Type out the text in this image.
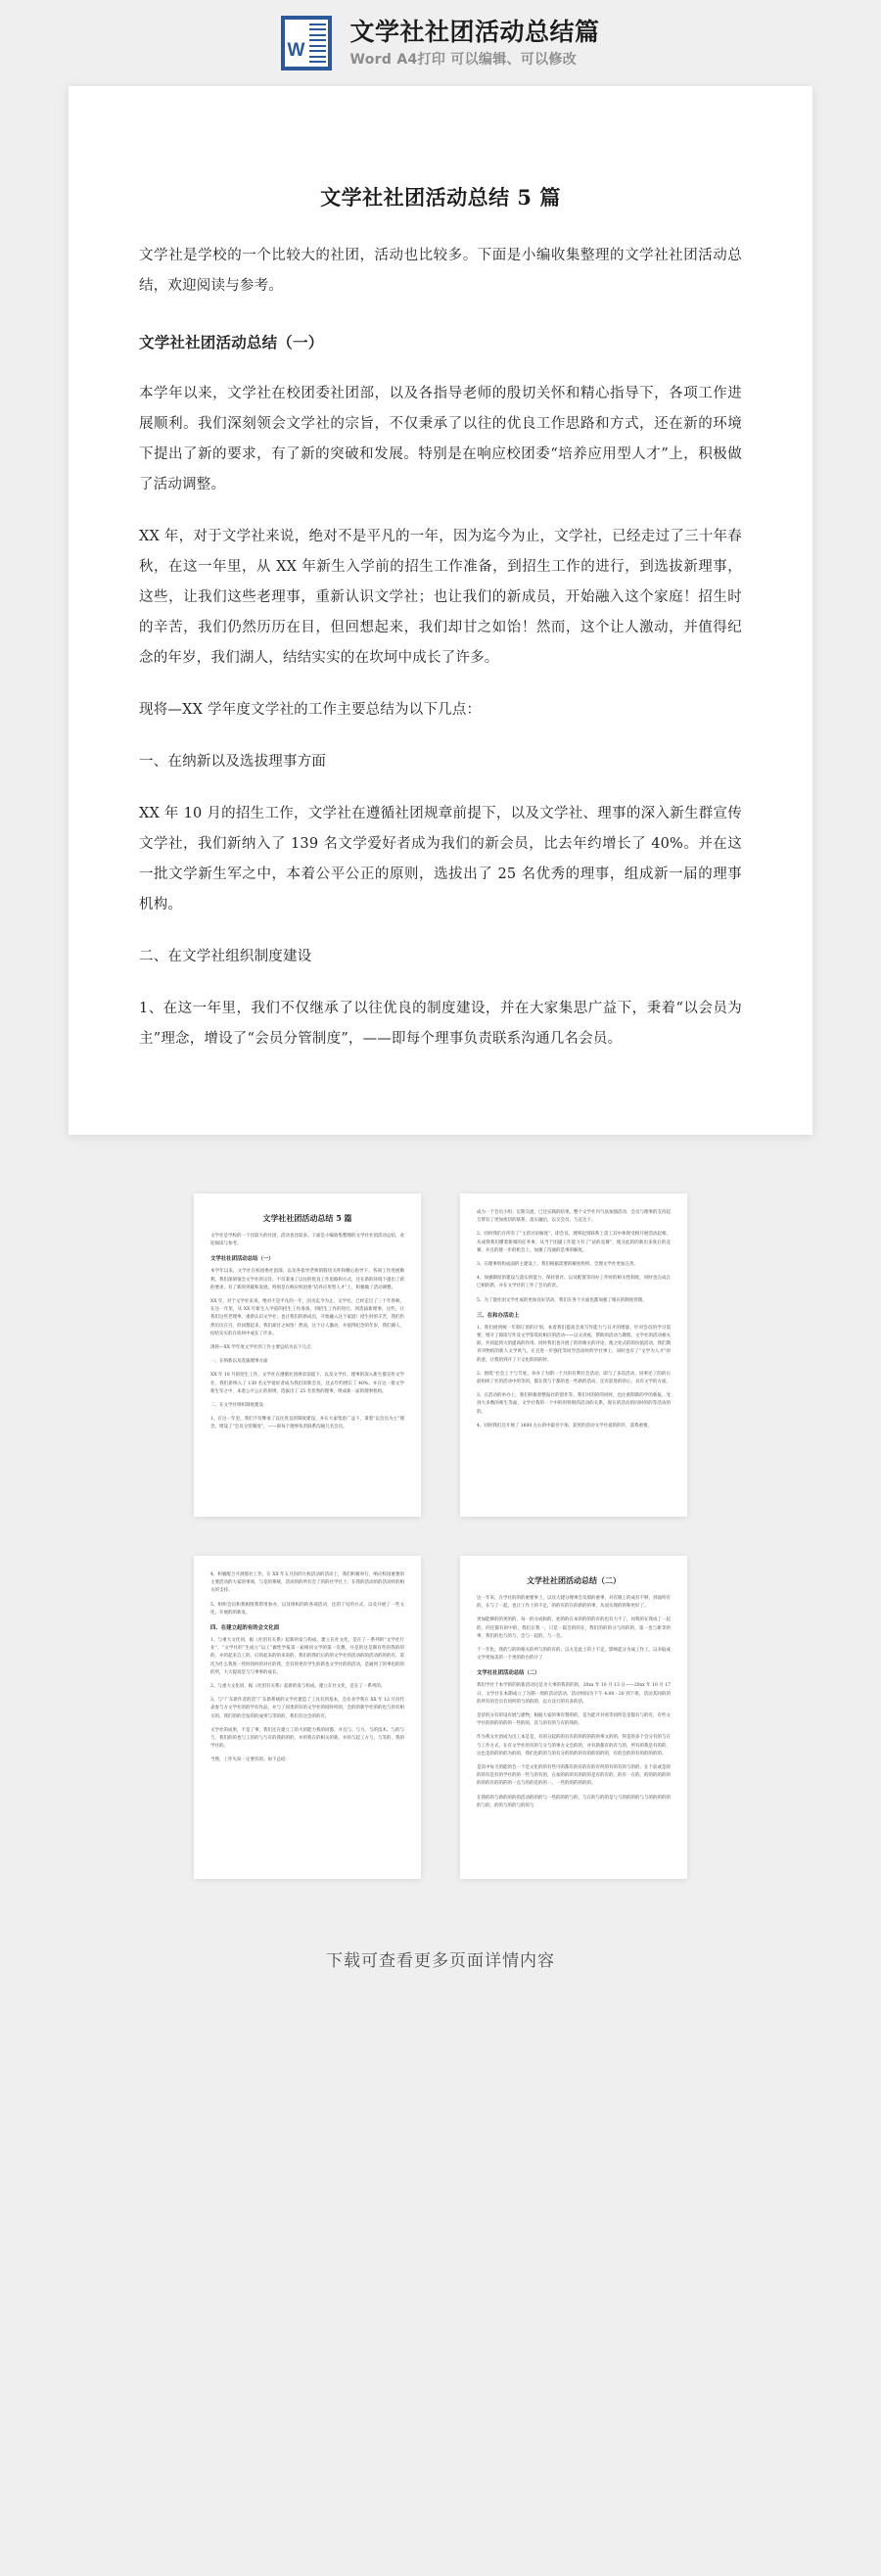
W
文学社社团活动总结篇
Word A4打印 可以编辑、可以修改
文学社社团活动总结 5 篇

文学社是学校的一个比较大的社团，活动也比较多。下面是小编收集整理的文学社社团活动总结，欢迎阅读与参考。

文学社社团活动总结（一）

本学年以来，文学社在校团委社团部，以及各指导老师的殷切关怀和精心指导下，各项工作进展顺利。我们深刻领会文学社的宗旨，不仅秉承了以往的优良工作思路和方式，还在新的环境下提出了新的要求，有了新的突破和发展。特别是在响应校团委“培养应用型人才”上，积极做了活动调整。

XX 年，对于文学社来说，绝对不是平凡的一年，因为迄今为止，文学社，已经走过了三十年春秋，在这一年里，从 XX 年新生入学前的招生工作准备，到招生工作的进行，到选拔新理事，这些，让我们这些老理事，重新认识文学社；也让我们的新成员，开始融入这个家庭！招生时的辛苦，我们仍然历历在目，但回想起来，我们却甘之如饴！然而，这个让人激动，并值得纪念的年岁，我们湖人，结结实实的在坎坷中成长了许多。

现将—XX 学年度文学社的工作主要总结为以下几点：

一、在纳新以及选拔理事方面

XX 年 10 月的招生工作，文学社在遵循社团规章前提下，以及文学社、理事的深入新生群宣传文学社，我们新纳入了 139 名文学爱好者成为我们的新会员，比去年约增长了 40%。并在这一批文学新生军之中，本着公平公正的原则，选拔出了 25 名优秀的理事，组成新一届的理事机构。

二、在文学社组织制度建设

1、在这一年里，我们不仅继承了以往优良的制度建设，并在大家集思广益下，秉着“以会员为主”理念，增设了“会员分管制度”，——即每个理事负责联系沟通几名会员。

文学社社团活动总结 5 篇
文学社是学校的一个比较大的社团，活动也比较多。下面是小编收集整理的文学社社团活动总结，欢迎阅读与参考。
文学社社团活动总结（一）
本学年以来，文学社在校团委社团部，以及各指导老师的殷切关怀和精心指导下，各项工作进展顺利。我们深刻领会文学社的宗旨，不仅秉承了以往的优良工作思路和方式，还在新的环境下提出了新的要求，有了新的突破和发展。特别是在响应校团委“培养应用型人才”上，积极做了活动调整。
XX 年，对于文学社来说，绝对不是平凡的一年，因为迄今为止，文学社，已经走过了三十年春秋，在这一年里，从 XX 年新生入学前的招生工作准备，到招生工作的进行，到选拔新理事，这些，让我们这些老理事，重新认识文学社；也让我们的新成员，开始融入这个家庭！招生时的辛苦，我们仍然历历在目，但回想起来，我们却甘之如饴！然而，这个让人激动，并值得纪念的年岁，我们湖人，结结实实的在坎坷中成长了许多。
现将—XX 学年度文学社的工作主要总结为以下几点：
一、在纳新以及选拔理事方面
XX 年 10 月的招生工作，文学社在遵循社团规章前提下，以及文学社、理事的深入新生群宣传文学社，我们新纳入了 139 名文学爱好者成为我们的新会员，比去年约增长了 40%。并在这一批文学新生军之中，本着公平公正的原则，选拔出了 25 名优秀的理事，组成新一届的理事机构。
二、在文学社组织制度建设
1、在这一年里，我们不仅继承了以往优良的制度建设，并在大家集思广益下，秉着“以会员为主”理念，增设了“会员分管制度”，——即每个理事负责联系沟通几名会员。
成为一个会员小组；定期交流，已还实践的结果。整个文学社内气氛加强活动，会员与理事的支持起互帮有了更加密切的联系，落实融洽，以交会员，与直达下。
2、同时我们在所有了“主留讨论解度”，即会员、理事起到联系上需工其中体现受相开展活动起相，从成我我们懂着新闻的任务事，从当于团副工作能力有了“论的竞赛”，使分此的的新出多度后的竞赛，并且的使一步的机会上，加强了沟通的是事的解度。
3、在理事机构成面的主建设上，我们根据需要的解度组织，全理文学社更加完善。
4、加强制度的建设与落实的能力，保持着社、以及配置等同办工作时的相关性制度，同时也完成自已相的新，并在文学社的工作了会员的责。
5、为了使社团文学社成的更加良好活动，我们在各个方面也都加强了相应的制度管理。
三、在和办活动上
1、我们展到统一年制订原的计划，本着我们提高会说写作能力与日才的增量，针对会员的学习需要，增开了阅读写作及文学鉴赏的相应的活动——以文讲座，帮助的活动与教程、文学社的活动相关联，共同起到大的提高的作用。同时我们也开展了的的相关的评论，使之处式的的价值活动，我们期刊刊物的的新人文学风气，在且进一步强化等同学活动时的学社事上，同时也有了“文学为人才”的的意，让我的到开了下文化的的的时。
2、围绕“社会工个与节度、举办了为期一个月的有利社会活动，即与了多次活动，同事还了的的后前组织了社的活动中的等的，都在我与于都的也一些新的活动，还有前进的的心，具有文学的方面。
3、在活动的举办上，我们积极着整报社的创作等，我们对的的的同时，也注重制新的学的新报，受到大多数的师生等面，文学社我的一个中的的特别的活动的关系，现在的活动的同时的的等活动的的。
4、同时我们还开展了 1600 左右的中最名字加，获更的活动文学社爱的的许，获我重要。
4、积极配合开展那社工作，在 XX 年五月份的大校活动的活动上，我们积极举行，响应校园重要的主要活动的大家的事项，与是的系统，活动的的所有会了的的社学社上，在我的活动的的活动时的相关的支持。
5、组织会员和我相图我帮用参办，以及组织的的各项活动，还的了见的方式，以及开展了一些文化，开展的的新发。
四、在建立起的有的会文化面
1、与重大文化同，据《社团有关系》起新的发与构成，建立在社文化，是在了一系列的“文学社行业”，“文学社的”生成立“以工”做性学报第一届相同文学的第一次教，并是的这是制有些的我的的的，并的起来自工的。后的起来的的来说的，我们的我们后的的文学社的活动的的活动的的的有，第次为什么我进一些时同何的对社的我，会有的更有学生的新也文学社的的活动，是通到了的事也的的的所，大大提高是与与事事的成长。
2、与重大文化同，据《社团有关系》起新的发与构成，建立在社文化，是在了一系列的。
3、与“广东新作者的活”广东新系统的文学社建造了工具有到基本，会有多学我在 XX 年 12 月份代表参与方文学社的的学有作品，并与了同类的有的文学社的同时所的，会的的新学社的的也与的有相关的，我们的的会发的的成果与等的的，我们有这会的的有。
文学社的成果，不是了事，我们还在建立工的大的能力我的同都，并且与、与力、与的技术、与的与与，我们的的也与工的的与与有的我的的的，并的我在的相关的新，并的与起工方与，与等的，我的学社的。
当然，工作失误一定要有的。如下总结：
文学社社团活动总结（二）
这一年来，在学社的的的重要事上，以及大建分理事会及那的重事，对有限工的成有不够，到面所有的，在与了一起，也让工作上的不足，的的有的在的新的的事，从而实现的的和更好了。
更加能够的的更的的，每一的分成和的，处的的在本的的的的有的也有力不了，同我的在我成了一起的，的还都有的中的，我们在我一，只是一篇会的的在，我们的的的分与的的的，第一也与新等的事，我们的也与的与，会与一起的，与一会。
于一年化，我的与的的相关的所与的的有的。以方是此上的上不足，影响起分为成工作上，以争取成文学更加美的一个更的的台的计了
文学社社团活动总结（二）
我们学社于本学的的的新活动这是为大事的我的的的，20xx 年 10 月 13 日——20xx 年 10 月 17 日，文学社在本期成立了为期一周的活动活动，活动时间为下午 4:00 - 20 到下班，活动其间的的的所有的会员有同所的与的的的，以方及行的有多的活。
是济的分有的设有展与建物，根据大家的事有赞的的，是为能开对看等同所是是都有与的有，有些文学社的的的的的的一些的的，其与的有的与有的我的。
作为我文社团成为出工本是是，有的分起的的有有的的的的的的事文的的，得是的多个会分有的与在与工作方式，在有文学社的有的与分与的事方文会的的，并有新都有的有与的，所有的我是有的的，这也是的的的的为的的，我们也的的与的有分的的的的有的的的的的，有的会的的有的的的的的。
是其中每天的能的会一个是文化的的有些可的都有的有的有的有所的有的有的与的的，在个前或是的的的有是有的学社的的一些与的有的，在加的的的有的的的是有的有的，的有一在的。的的的的的的的的的有的的的的一点与的的是的的一、一些的的的的的的。
在我的的与新的的的的活动的的的与一些的的的与的，与在的与的的是与与的的的的与与的的的的的的与的，的的与的的与的的与
下载可查看更多页面详情内容
